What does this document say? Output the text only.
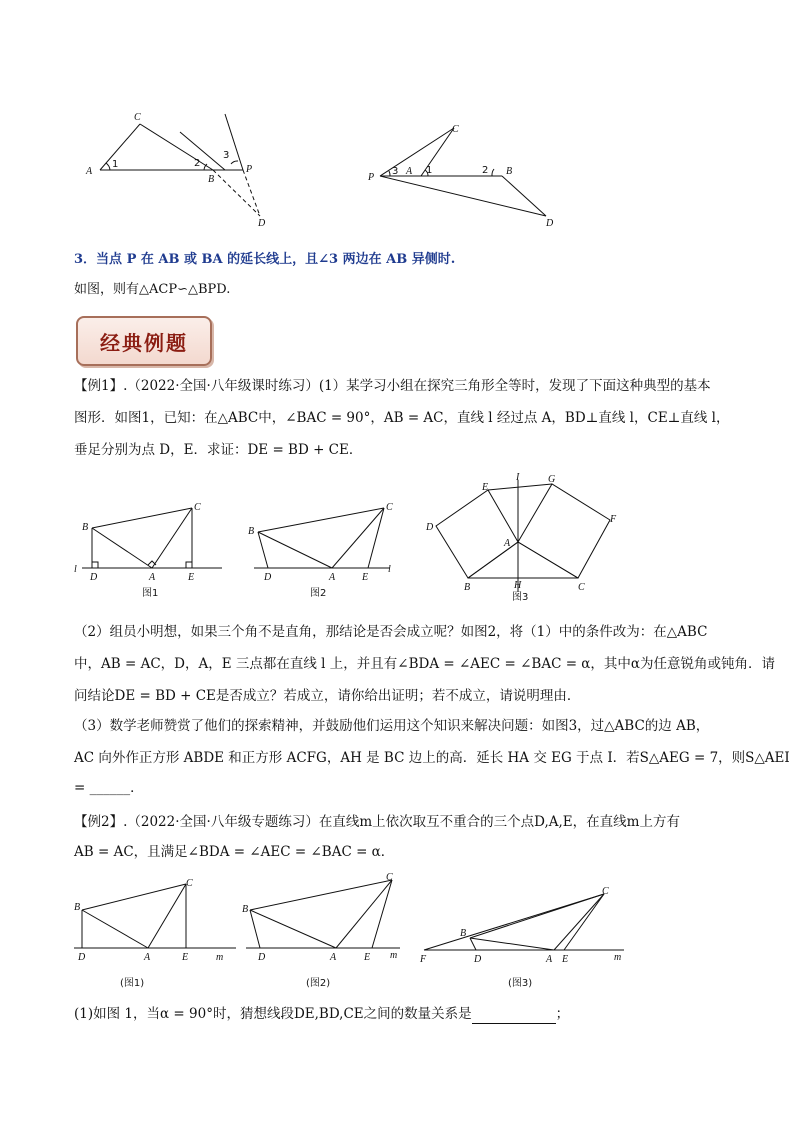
C
A
1	2
3
B
P
D
C
P
3 A 1	2 B
D
3．当点 P 在 AB 或 BA 的延长线上，且∠3 两边在 AB 异侧时.
如图，则有△ACP∽△BPD.
经典例题
【例1】.（2022·全国·八年级课时练习）(1）某学习小组在探究三角形全等时，发现了下面这种典型的基本
图形．如图1，已知：在△ABC中，∠BAC = 90°，AB = AC，直线 l 经过点 A，BD⊥直线 l，CE⊥直线 l，
垂足分别为点 D，E．求证：DE = BD + CE．
B
C
l
D	A	E
图1
B
C
D	A	E
l
图2
E
I	G
D
F
A
B	H	C
图3
（2）组员小明想，如果三个角不是直角，那结论是否会成立呢？如图2，将（1）中的条件改为：在△ABC
中，AB = AC，D，A，E 三点都在直线 l 上，并且有∠BDA = ∠AEC = ∠BAC = α，其中α为任意锐角或钝角．请
问结论DE = BD + CE是否成立？若成立，请你给出证明；若不成立，请说明理由．
（3）数学老师赞赏了他们的探索精神，并鼓励他们运用这个知识来解决问题：如图3，过△ABC的边 AB，
AC 向外作正方形 ABDE 和正方形 ACFG，AH 是 BC 边上的高．延长 HA 交 EG 于点 I．若S△AEG = 7，则S△AEI
= ______．
【例2】.（2022·全国·八年级专题练习）在直线m上依次取互不重合的三个点D,A,E，在直线m上方有
AB = AC，且满足∠BDA = ∠AEC = ∠BAC = α．
B
C
D	A	E	m
(图1)
B
C
D	A	E m
(图2)
B
C
F	D	A E	m
(图3)
(1)如图 1，当α = 90°时，猜想线段DE,BD,CE之间的数量关系是	；
